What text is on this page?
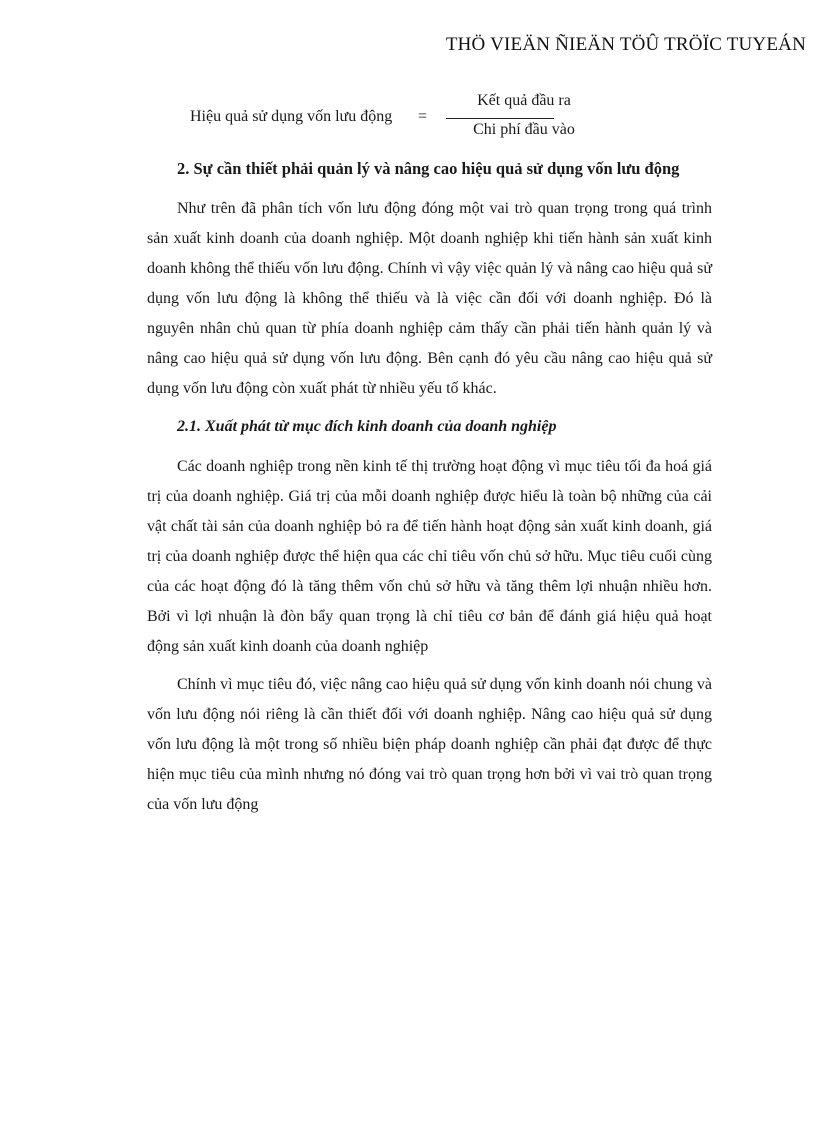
THÖ VIEÄN ÑIEÄN TÖÛ TRÖÏC TUYEÁN
Hiệu quả sử dụng vốn lưu động =
Kết quả đầu ra
Chi phí đầu vào
2. Sự cần thiết phải quản lý và nâng cao hiệu quả sử dụng vốn lưu động

Như trên đã phân tích vốn lưu động đóng một vai trò quan trọng trong quá trình sản xuất kinh doanh của doanh nghiệp. Một doanh nghiệp khi tiến hành sản xuất kinh doanh không thể thiếu vốn lưu động. Chính vì vậy việc quản lý và nâng cao hiệu quả sử dụng vốn lưu động là không thể thiếu và là việc cần đối với doanh nghiệp. Đó là nguyên nhân chủ quan từ phía doanh nghiệp cảm thấy cần phải tiến hành quản lý và nâng cao hiệu quả sử dụng vốn lưu động. Bên cạnh đó yêu cầu nâng cao hiệu quả sử dụng vốn lưu động còn xuất phát từ nhiều yếu tố khác.

2.1. Xuất phát từ mục đích kinh doanh của doanh nghiệp

Các doanh nghiệp trong nền kinh tế thị trường hoạt động vì mục tiêu tối đa hoá giá trị của doanh nghiệp. Giá trị của mỗi doanh nghiệp được hiểu là toàn bộ những của cải vật chất tài sản của doanh nghiệp bỏ ra để tiến hành hoạt động sản xuất kinh doanh, giá trị của doanh nghiệp được thể hiện qua các chỉ tiêu vốn chủ sở hữu. Mục tiêu cuối cùng của các hoạt động đó là tăng thêm vốn chủ sở hữu và tăng thêm lợi nhuận nhiều hơn. Bởi vì lợi nhuận là đòn bẩy quan trọng là chỉ tiêu cơ bản để đánh giá hiệu quả hoạt động sản xuất kinh doanh của doanh nghiệp

Chính vì mục tiêu đó, việc nâng cao hiệu quả sử dụng vốn kinh doanh nói chung và vốn lưu động nói riêng là cần thiết đối với doanh nghiệp. Nâng cao hiệu quả sử dụng vốn lưu động là một trong số nhiều biện pháp doanh nghiệp cần phải đạt được để thực hiện mục tiêu của mình nhưng nó đóng vai trò quan trọng hơn bởi vì vai trò quan trọng của vốn lưu động
